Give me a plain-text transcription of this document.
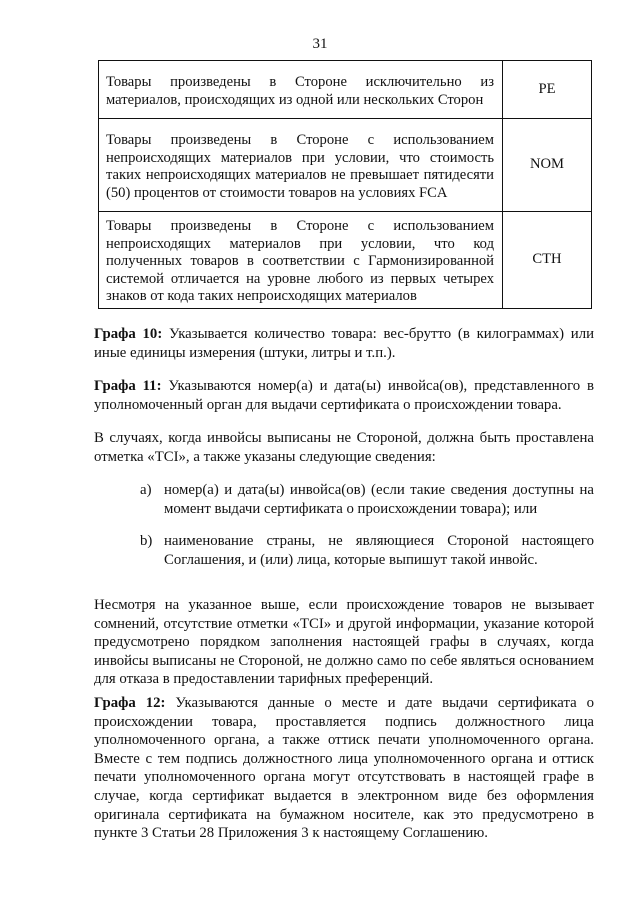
31
Товары произведены в Стороне исключительно из материалов, происходящих из одной или нескольких Сторон	PE
Товары произведены в Стороне с использованием непроисходящих материалов при условии, что стоимость таких непроисходящих материалов не превышает пятидесяти (50) процентов от стоимости товаров на условиях FCA	NOM
Товары произведены в Стороне с использованием непроисходящих материалов при условии, что код полученных товаров в соответствии с Гармонизированной системой отличается на уровне любого из первых четырех знаков от кода таких непроисходящих материалов	CTH
Графа 10: Указывается количество товара: вес-брутто (в килограммах) или иные единицы измерения (штуки, литры и т.п.).
Графа 11: Указываются номер(а) и дата(ы) инвойса(ов), представленного в уполномоченный орган для выдачи сертификата о происхождении товара.
В случаях, когда инвойсы выписаны не Стороной, должна быть проставлена отметка «TCI», а также указаны следующие сведения:
a) номер(а) и дата(ы) инвойса(ов) (если такие сведения доступны на момент выдачи сертификата о происхождении товара); или
b) наименование страны, не являющиеся Стороной настоящего Соглашения, и (или) лица, которые выпишут такой инвойс.
Несмотря на указанное выше, если происхождение товаров не вызывает сомнений, отсутствие отметки «TCI» и другой информации, указание которой предусмотрено порядком заполнения настоящей графы в случаях, когда инвойсы выписаны не Стороной, не должно само по себе являться основанием для отказа в предоставлении тарифных преференций.
Графа 12: Указываются данные о месте и дате выдачи сертификата о происхождении товара, проставляется подпись должностного лица уполномоченного органа, а также оттиск печати уполномоченного органа. Вместе с тем подпись должностного лица уполномоченного органа и оттиск печати уполномоченного органа могут отсутствовать в настоящей графе в случае, когда сертификат выдается в электронном виде без оформления оригинала сертификата на бумажном носителе, как это предусмотрено в пункте 3 Статьи 28 Приложения 3 к настоящему Соглашению.
